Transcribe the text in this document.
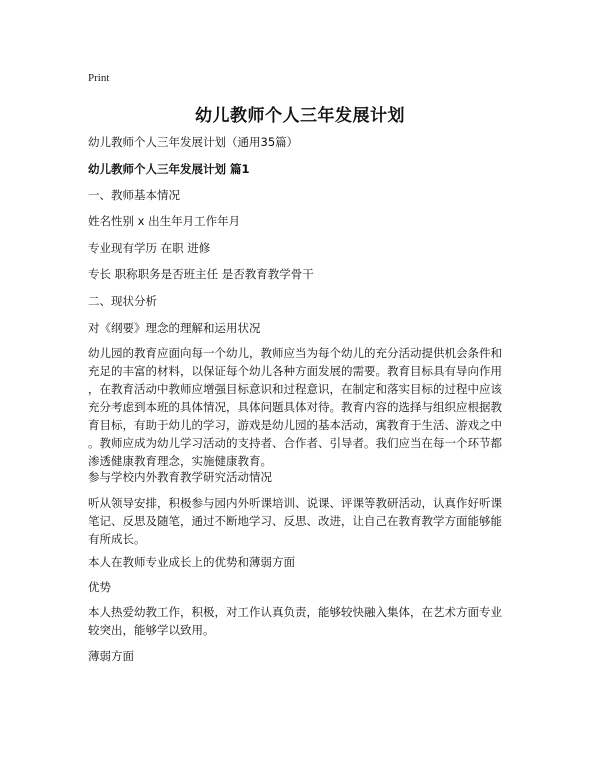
Print
幼儿教师个人三年发展计划
幼儿教师个人三年发展计划（通用35篇）
幼儿教师个人三年发展计划 篇1
一、教师基本情况
姓名性别 x 出生年月工作年月
专业现有学历 在职 进修
专长 职称职务是否班主任 是否教育教学骨干
二、现状分析
对《纲要》理念的理解和运用状况
幼儿园的教育应面向每一个幼儿，教师应当为每个幼儿的充分活动提供机会条件和
充足的丰富的材料，以保证每个幼儿各种方面发展的需要。教育目标具有导向作用
，在教育活动中教师应增强目标意识和过程意识，在制定和落实目标的过程中应该
充分考虑到本班的具体情况，具体问题具体对待。教育内容的选择与组织应根据教
育目标，有助于幼儿的学习，游戏是幼儿园的基本活动，寓教育于生活、游戏之中
。教师应成为幼儿学习活动的支持者、合作者、引导者。我们应当在每一个环节都
渗透健康教育理念，实施健康教育。
参与学校内外教育教学研究活动情况
听从领导安排，积极参与园内外听课培训、说课、评课等教研活动，认真作好听课
笔记、反思及随笔，通过不断地学习、反思、改进，让自己在教育教学方面能够能
有所成长。
本人在教师专业成长上的优势和薄弱方面
优势
本人热爱幼教工作，积极，对工作认真负责，能够较快融入集体，在艺术方面专业
较突出，能够学以致用。
薄弱方面
